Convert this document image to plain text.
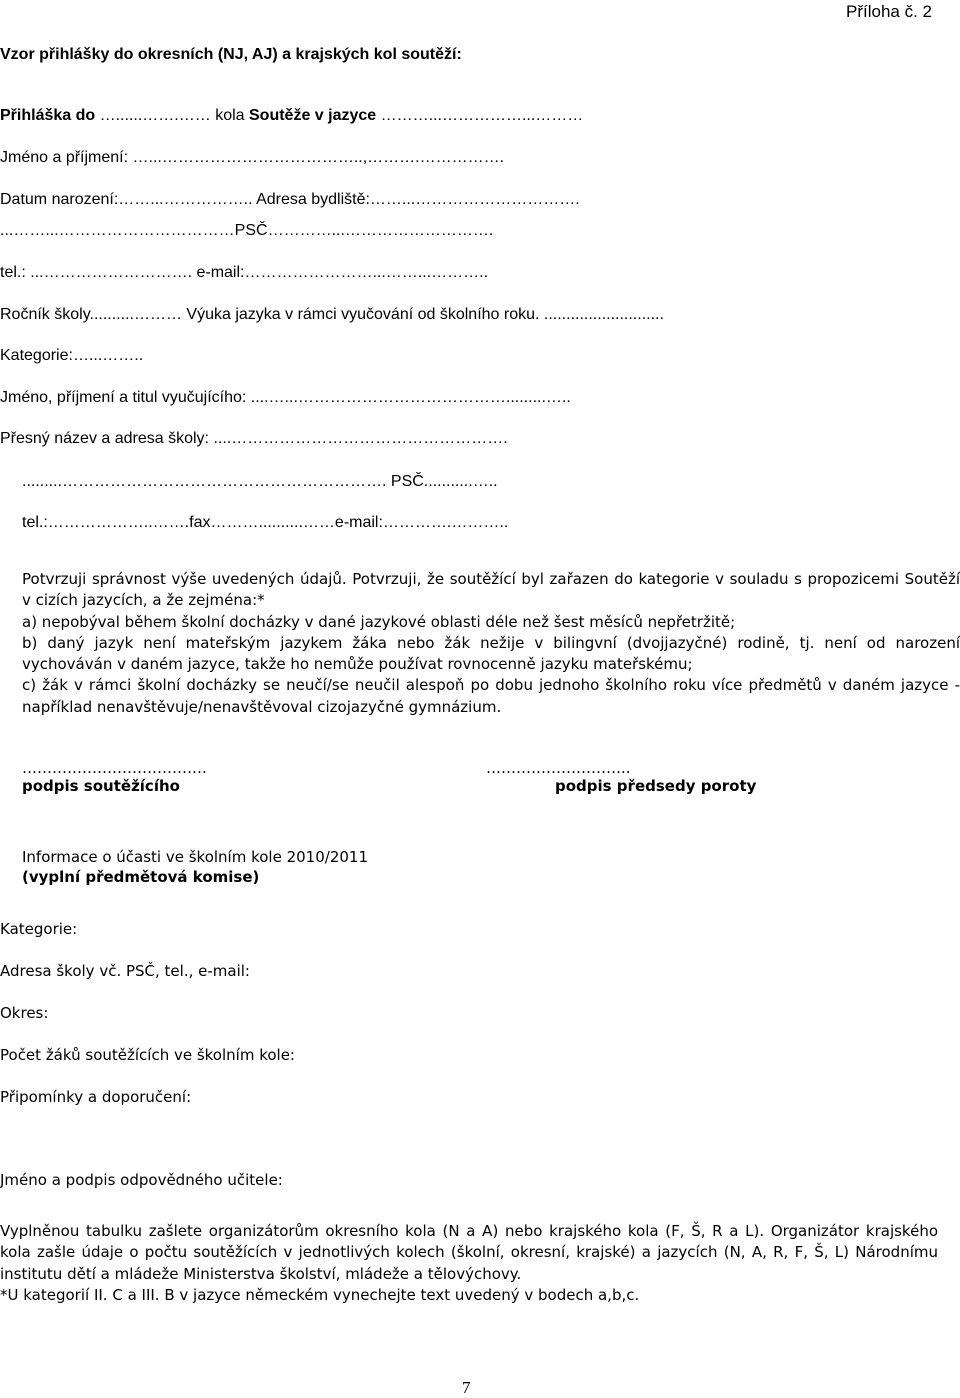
Příloha č. 2
Vzor přihlášky do okresních (NJ, AJ) a krajských kol soutěží:
Přihláška do …......…….…… kola Soutěže v jazyce ………...……………...………
Jméno a příjmení: …...………………………………..,……….…………….
Datum narození:……...…………….. Adresa bydliště:……...………………………….
...……...……………………………PSČ…………...……………………….
tel.: ...………………………. e-mail:……………………...……...………..
Ročník školy..........……… Výuka jazyka v rámci vyučování od školního roku. ...........................
Kategorie:…...……..
Jméno, příjmení a titul vyučujícího: ....…...………………………………….........…..
Přesný název a adresa školy: ....…………………………………………….
.........……………………………………………………. PSČ...........…..
tel.:………………..…….fax………..........……e-mail:………….………..
Potvrzuji správnost výše uvedených údajů. Potvrzuji, že soutěžící byl zařazen do kategorie v souladu s propozicemi Soutěží v cizích jazycích, a že zejména:*
a) nepobýval během školní docházky v dané jazykové oblasti déle než šest měsíců nepřetržitě;
b) daný jazyk není mateřským jazykem žáka nebo žák nežije v bilingvní (dvojjazyčné) rodině, tj. není od narození vychováván v daném jazyce, takže ho nemůže používat rovnocenně jazyku mateřskému;
c) žák v rámci školní docházky se neučí/se neučil alespoň po dobu jednoho školního roku více předmětů v daném jazyce - například nenavštěvuje/nenavštěvoval cizojazyčné gymnázium.
……………………………….
podpis soutěžícího
………………………..
podpis předsedy poroty
Informace o účasti ve školním kole 2010/2011
(vyplní předmětová komise)
Kategorie:
Adresa školy vč. PSČ, tel., e-mail:
Okres:
Počet žáků soutěžících ve školním kole:
Připomínky a doporučení:
Jméno a podpis odpovědného učitele:
Vyplněnou tabulku zašlete organizátorům okresního kola (N a A) nebo krajského kola (F, Š, R a L). Organizátor krajského kola zašle údaje o počtu soutěžících v jednotlivých kolech (školní, okresní, krajské) a jazycích (N, A, R, F, Š, L) Národnímu institutu dětí a mládeže Ministerstva školství, mládeže a tělovýchovy.
*U kategorií II. C a III. B v jazyce německém vynechejte text uvedený v bodech a,b,c.
7
